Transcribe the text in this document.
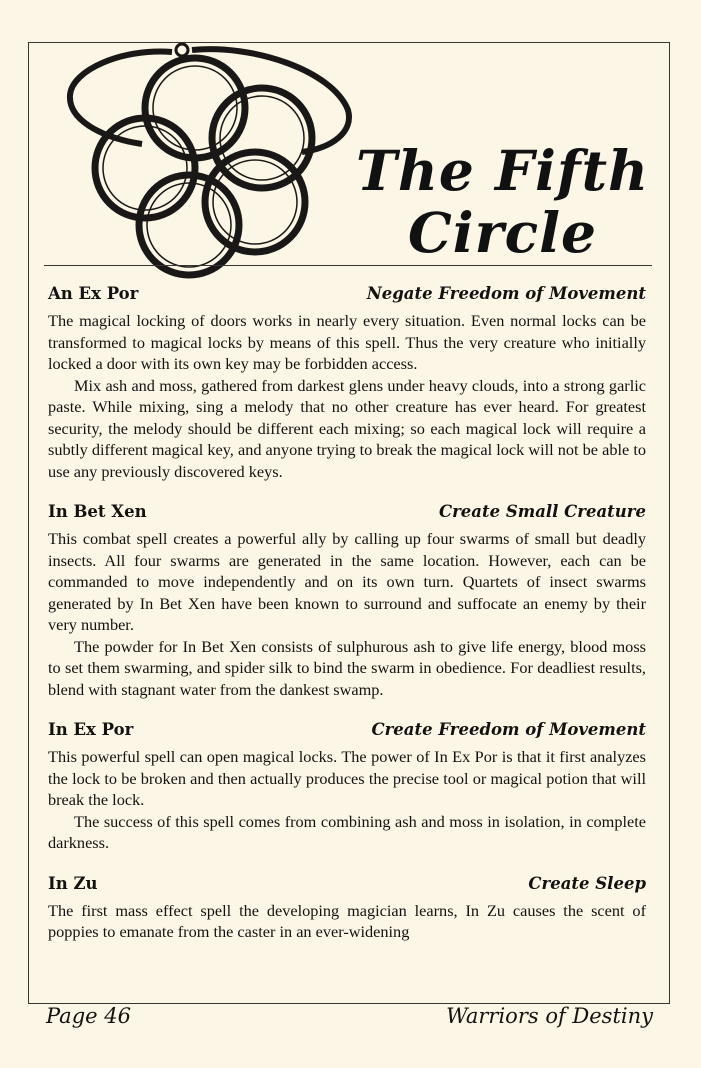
The Fifth
Circle
An Ex Por	Negate Freedom of Movement

The magical locking of doors works in nearly every situation. Even normal locks can be transformed to magical locks by means of this spell. Thus the very creature who initially locked a door with its own key may be forbidden access.

Mix ash and moss, gathered from darkest glens under heavy clouds, into a strong garlic paste. While mixing, sing a melody that no other creature has ever heard. For greatest security, the melody should be different each mixing; so each magical lock will require a subtly different magical key, and anyone trying to break the magical lock will not be able to use any previously discovered keys.

In Bet Xen	Create Small Creature

This combat spell creates a powerful ally by calling up four swarms of small but deadly insects. All four swarms are generated in the same location. However, each can be commanded to move independently and on its own turn. Quartets of insect swarms generated by In Bet Xen have been known to surround and suffocate an enemy by their very number.

The powder for In Bet Xen consists of sulphurous ash to give life energy, blood moss to set them swarming, and spider silk to bind the swarm in obedience. For deadliest results, blend with stagnant water from the dankest swamp.

In Ex Por	Create Freedom of Movement

This powerful spell can open magical locks. The power of In Ex Por is that it first analyzes the lock to be broken and then actually produces the precise tool or magical potion that will break the lock.

The success of this spell comes from combining ash and moss in isolation, in complete darkness.

In Zu	Create Sleep

The first mass effect spell the developing magician learns, In Zu causes the scent of poppies to emanate from the caster in an ever-widening

Page 46	Warriors of Destiny
